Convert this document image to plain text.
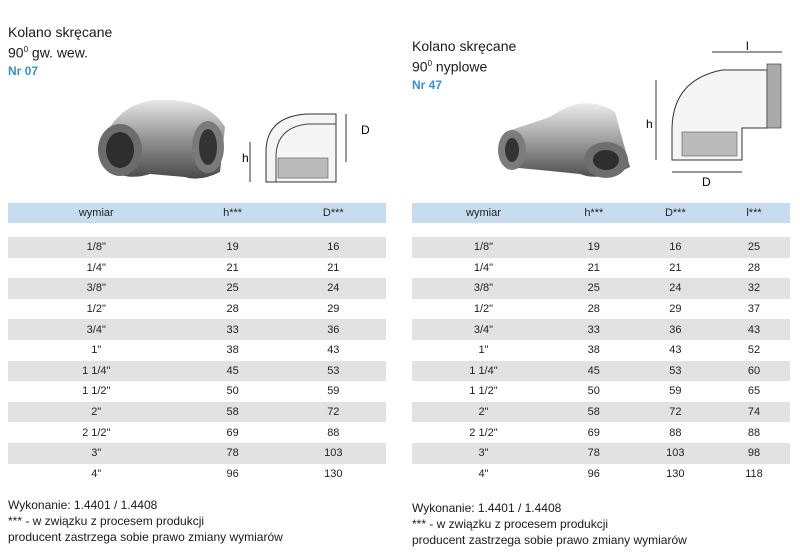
Kolano skręcane
$90^0$ gw. wew.
Nr 07
h
D
wymiar	h***	D***

1/8"	19	16
1/4"	21	21
3/8"	25	24
1/2"	28	29
3/4"	33	36
1"	38	43
1 1/4"	45	53
1 1/2"	50	59
2"	58	72
2 1/2"	69	88
3"	78	103
4"	96	130
Wykonanie: 1.4401 / 1.4408
*** - w związku z procesem produkcji
producent zastrzega sobie prawo zmiany wymiarów
Kolano skręcane
$90^0$ nyplowe
Nr 47
l
h
D
wymiar	h***	D***	l***

1/8"	19	16	25
1/4"	21	21	28
3/8"	25	24	32
1/2"	28	29	37
3/4"	33	36	43
1"	38	43	52
1 1/4"	45	53	60
1 1/2"	50	59	65
2"	58	72	74
2 1/2"	69	88	88
3"	78	103	98
4"	96	130	118
Wykonanie: 1.4401 / 1.4408
*** - w związku z procesem produkcji
producent zastrzega sobie prawo zmiany wymiarów
